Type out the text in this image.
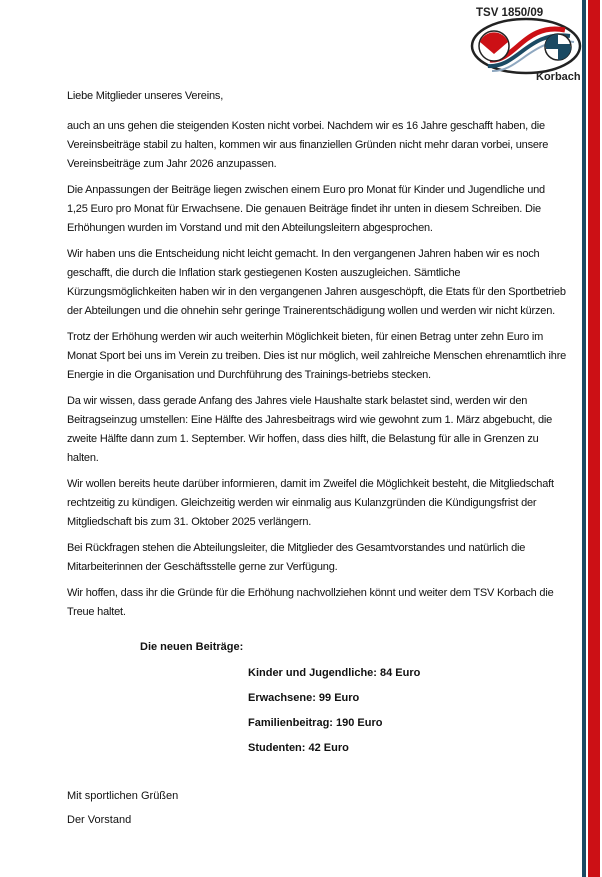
TSV 1850/09
Korbach

Liebe Mitglieder unseres Vereins,

auch an uns gehen die steigenden Kosten nicht vorbei. Nachdem wir es 16 Jahre geschafft haben, die Vereinsbeiträge stabil zu halten, kommen wir aus finanziellen Gründen nicht mehr daran vorbei, unsere Vereinsbeiträge zum Jahr 2026 anzupassen.

Die Anpassungen der Beiträge liegen zwischen einem Euro pro Monat für Kinder und Jugendliche und 1,25 Euro pro Monat für Erwachsene. Die genauen Beiträge findet ihr unten in diesem Schreiben. Die Erhöhungen wurden im Vorstand und mit den Abteilungsleitern abgesprochen.

Wir haben uns die Entscheidung nicht leicht gemacht. In den vergangenen Jahren haben wir es noch geschafft, die durch die Inflation stark gestiegenen Kosten auszugleichen. Sämtliche Kürzungsmöglichkeiten haben wir in den vergangenen Jahren ausgeschöpft, die Etats für den Sportbetrieb der Abteilungen und die ohnehin sehr geringe Trainerentschädigung wollen und werden wir nicht kürzen.

Trotz der Erhöhung werden wir auch weiterhin Möglichkeit bieten, für einen Betrag unter zehn Euro im Monat Sport bei uns im Verein zu treiben. Dies ist nur möglich, weil zahlreiche Menschen ehrenamtlich ihre Energie in die Organisation und Durchführung des Trainings-betriebs stecken.

Da wir wissen, dass gerade Anfang des Jahres viele Haushalte stark belastet sind, werden wir den Beitragseinzug umstellen: Eine Hälfte des Jahresbeitrags wird wie gewohnt zum 1. März abgebucht, die zweite Hälfte dann zum 1. September. Wir hoffen, dass dies hilft, die Belastung für alle in Grenzen zu halten.

Wir wollen bereits heute darüber informieren, damit im Zweifel die Möglichkeit besteht, die Mitgliedschaft rechtzeitig zu kündigen. Gleichzeitig werden wir einmalig aus Kulanzgründen die Kündigungsfrist der Mitgliedschaft bis zum 31. Oktober 2025 verlängern.

Bei Rückfragen stehen die Abteilungsleiter, die Mitglieder des Gesamtvorstandes und natürlich die Mitarbeiterinnen der Geschäftsstelle gerne zur Verfügung.

Wir hoffen, dass ihr die Gründe für die Erhöhung nachvollziehen könnt und weiter dem TSV Korbach die Treue haltet.

Die neuen Beiträge:
Kinder und Jugendliche: 84 Euro
Erwachsene: 99 Euro
Familienbeitrag: 190 Euro
Studenten: 42 Euro
Mit sportlichen Grüßen
Der Vorstand
